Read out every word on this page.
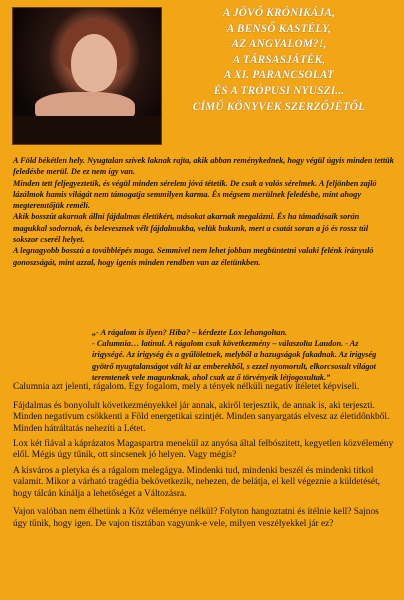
A JÖVŐ KRÓNIKÁJA,
A BENSŐ KASTÉLY,
AZ ANGYALOM?!,
A TÁRSASJÁTÉK,
A XI. PARANCSOLAT
ÉS A TRÓPUSI NYUSZI...
CÍMŰ KÖNYVEK SZERZŐJÉTŐL

A Föld békétlen hely. Nyugtalan szívek laknak rajta, akik abban reménykednek, hogy végül úgyis minden tettük feledésbe merül. De ez nem így van.

Minden tett feljegyeztetik, és végül minden sérelem jóvá tétetik. De csak a valós sérelmek. A feljönben zajló lázálmok hamis világát nem támogatja semmilyen karma. És mégsem merülnek feledésbe, mint ahogy megteremtőjük remélí.

Akik bosszút akarnak állni fájdalmas életükért, másokat akarnak megalázni. És ha támadásaik során magukkal sodornak, és belevesznek vélt fájdalmukba, velük bukunk, mert a csatát soran a jó és rossz túl sokszor cserél helyet.

A legnagyobb bosszú a továbblépés maga. Semmivel nem lehet jobban megbüntetni valaki felénk irányuló gonoszságát, mint azzal, hogy igenis minden rendben van az életünkben.

„- A rágalom is ilyen? Hiba? – kérdezte Lox lehangoltan.

- Calumnia… latinul. A rágalom csak következmény – válaszolta Laudon. - Az irigységé. Az irigység és a gyűlöletnek, melyből a hazugságok fakadnak. Az irigység gyötrő nyugtalanságot vált ki az emberekből, s ezzel nyomorult, elkorcsosult világot teremtenek vele magunknak, ahol csak az ő törvényeik létjogosultak.”

Calumnia azt jelenti, rágalom. Egy fogalom, mely a tények nélküli negatív ítéletet képviseli.

Fájdalmas és bonyolult következményekkel jár annak, akiről terjesztik, de annak is, aki terjeszti. Minden negatívum csökkenti a Föld energetikai szintjét. Minden sanyargatás elvesz az életidőnkből. Minden hátráltatás nehezíti a Létet.

Lox két fiával a káprázatos Magaspartra menekül az anyósa által felbószitett, kegyetlen közvélemény elől. Mégis úgy tűnik, ott sincsenek jó helyen. Vagy mégis?

A kisváros a pletyka és a rágalom melegágya. Mindenki tud, mindenki beszél és mindenki titkol valamit. Mikor a várható tragédia bekövetkezik, nehezen, de belátja, el kell végeznie a küldetését, hogy tálcán kínálja a lehetőséget a Változásra.

Vajon valóban nem élhetünk a Köz véleménye nélkül? Folyton hangoztatni és ítélnie kell? Sajnos úgy tűnik, hogy igen. De vajon tisztában vagyunk-e vele, milyen veszélyekkel jár ez?
